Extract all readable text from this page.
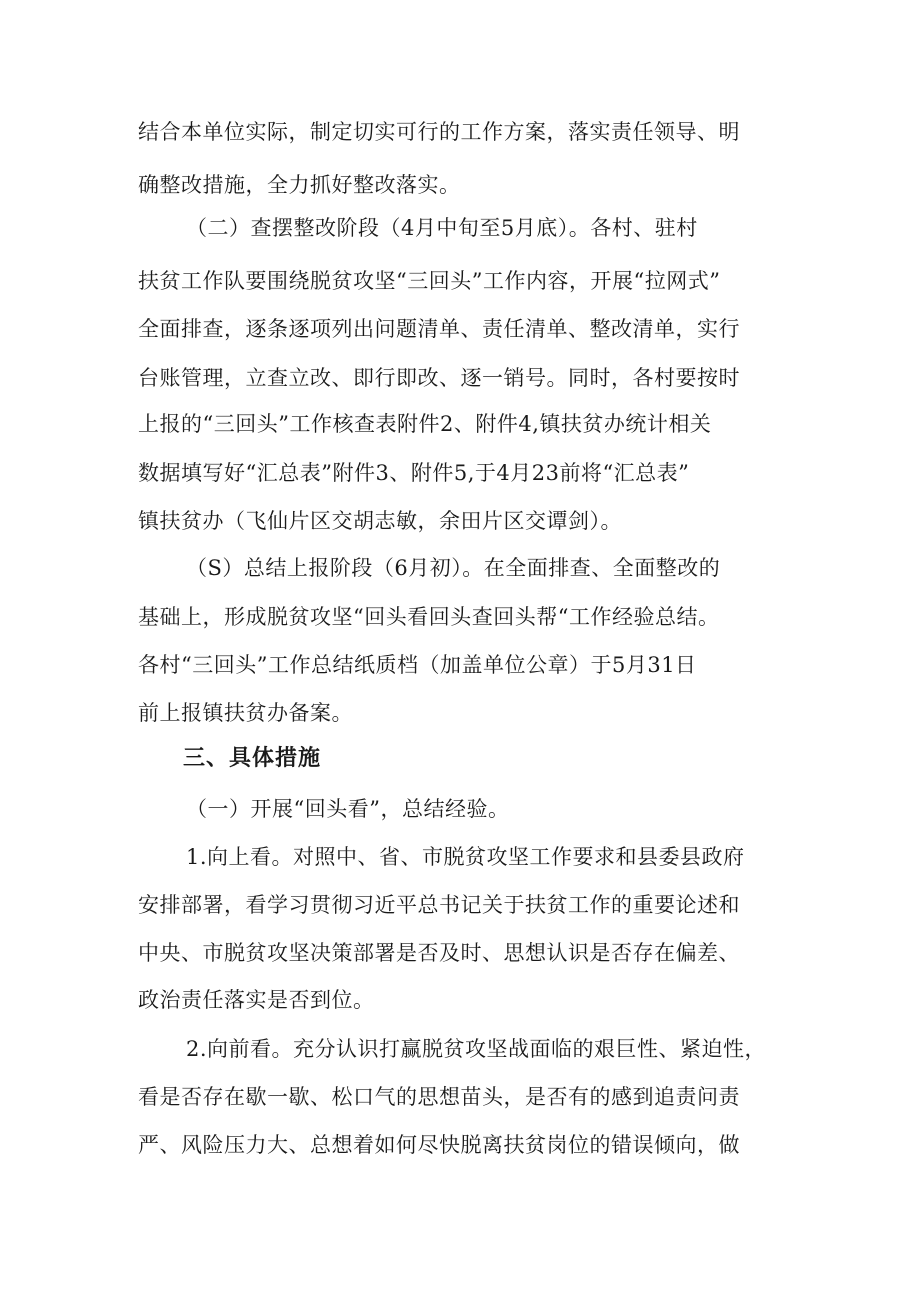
结合本单位实际，制定切实可行的工作方案，落实责任领导、明
确整改措施，全力抓好整改落实。
（二）查摆整改阶段（4月中旬至5月底）。各村、驻村
扶贫工作队要围绕脱贫攻坚“三回头”工作内容，开展“拉网式”
全面排查，逐条逐项列出问题清单、责任清单、整改清单，实行
台账管理，立查立改、即行即改、逐一销号。同时，各村要按时
上报的“三回头”工作核查表附件2、附件4,镇扶贫办统计相关
数据填写好“汇总表”附件3、附件5,于4月23前将“汇总表”
镇扶贫办（飞仙片区交胡志敏，余田片区交谭剑）。
（S）总结上报阶段（6月初）。在全面排查、全面整改的
基础上，形成脱贫攻坚“回头看回头查回头帮“工作经验总结。
各村“三回头”工作总结纸质档（加盖单位公章）于5月31日
前上报镇扶贫办备案。
三、具体措施
（一）开展“回头看”，总结经验。
1.向上看。对照中、省、市脱贫攻坚工作要求和县委县政府
安排部署，看学习贯彻习近平总书记关于扶贫工作的重要论述和
中央、市脱贫攻坚决策部署是否及时、思想认识是否存在偏差、
政治责任落实是否到位。
2.向前看。充分认识打赢脱贫攻坚战面临的艰巨性、紧迫性，
看是否存在歇一歇、松口气的思想苗头，是否有的感到追责问责
严、风险压力大、总想着如何尽快脱离扶贫岗位的错误倾向，做
